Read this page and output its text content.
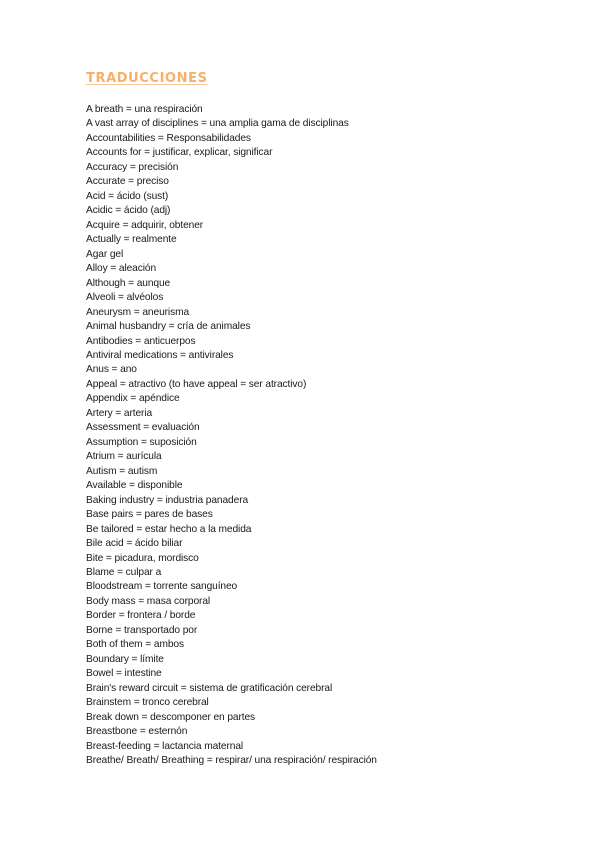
TRADUCCIONES
A breath = una respiración
A vast array of disciplines = una amplia gama de disciplinas
Accountabilities = Responsabilidades
Accounts for = justificar, explicar, significar
Accuracy = precisión
Accurate = preciso
Acid = ácido (sust)
Acidic = ácido (adj)
Acquire = adquirir, obtener
Actually = realmente
Agar gel
Alloy = aleación
Although = aunque
Alveoli = alvéolos
Aneurysm = aneurisma
Animal husbandry = cría de animales
Antibodies = anticuerpos
Antiviral medications = antivirales
Anus = ano
Appeal = atractivo (to have appeal = ser atractivo)
Appendix = apéndice
Artery = arteria
Assessment = evaluación
Assumption = suposición
Atrium = aurícula
Autism = autism
Available = disponible
Baking industry = industria panadera
Base pairs = pares de bases
Be tailored = estar hecho a la medida
Bile acid = ácido biliar
Bite = picadura, mordisco
Blame = culpar a
Bloodstream = torrente sanguíneo
Body mass = masa corporal
Border = frontera / borde
Borne = transportado por
Both of them = ambos
Boundary = límite
Bowel = intestine
Brain's reward circuit = sistema de gratificación cerebral
Brainstem = tronco cerebral
Break down = descomponer en partes
Breastbone = esternón
Breast-feeding = lactancia maternal
Breathe/ Breath/ Breathing = respirar/ una respiración/ respiración
